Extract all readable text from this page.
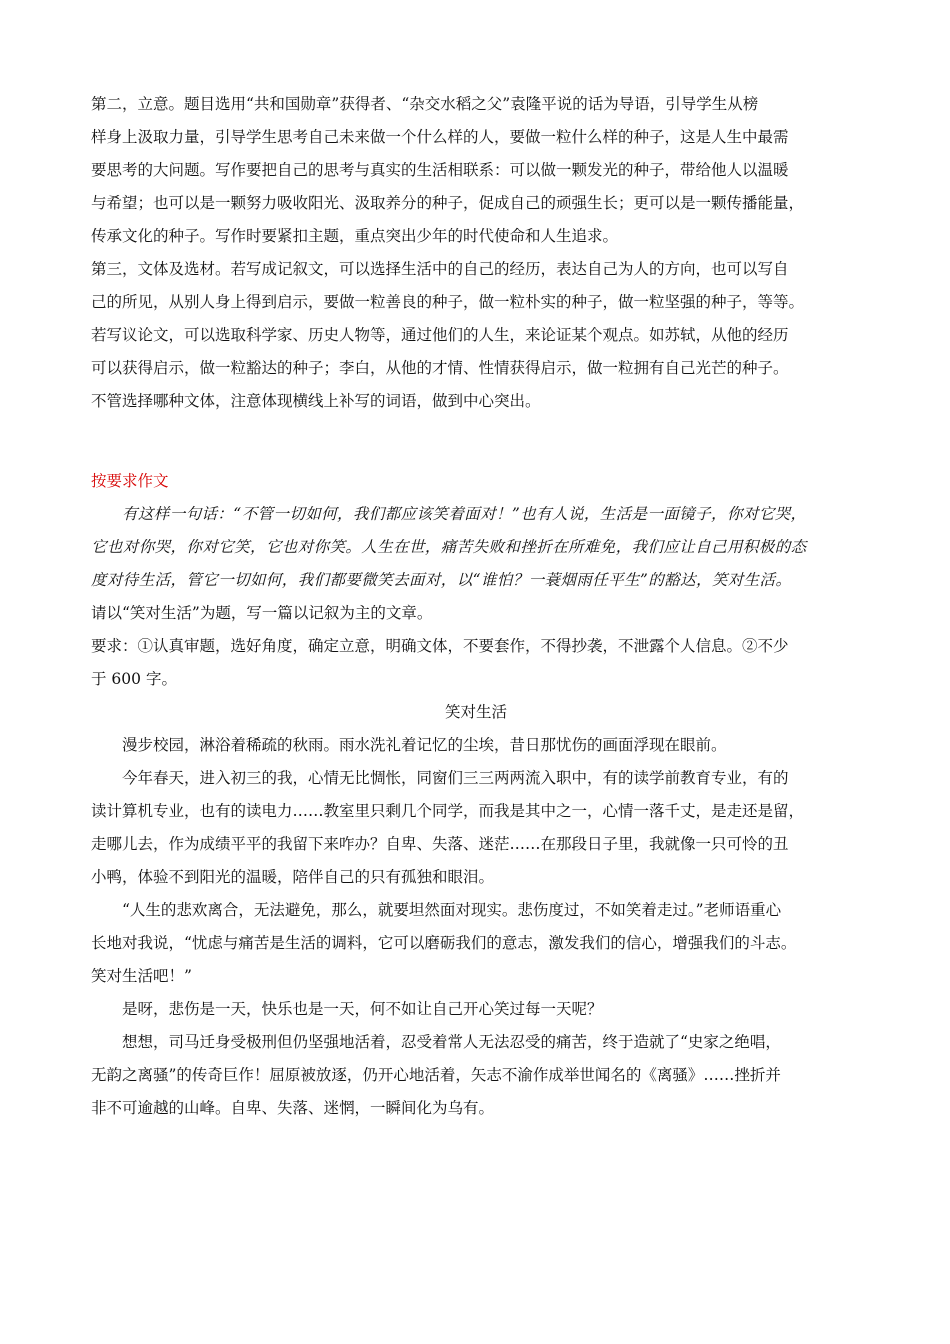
第二，立意。题目选用“共和国勋章”获得者、“杂交水稻之父”袁隆平说的话为导语，引导学生从榜
样身上汲取力量，引导学生思考自己未来做一个什么样的人，要做一粒什么样的种子，这是人生中最需
要思考的大问题。写作要把自己的思考与真实的生活相联系：可以做一颗发光的种子，带给他人以温暖
与希望；也可以是一颗努力吸收阳光、汲取养分的种子，促成自己的顽强生长；更可以是一颗传播能量，
传承文化的种子。写作时要紧扣主题，重点突出少年的时代使命和人生追求。
第三，文体及选材。若写成记叙文，可以选择生活中的自己的经历，表达自己为人的方向，也可以写自
己的所见，从别人身上得到启示，要做一粒善良的种子，做一粒朴实的种子，做一粒坚强的种子，等等。
若写议论文，可以选取科学家、历史人物等，通过他们的人生，来论证某个观点。如苏轼，从他的经历
可以获得启示，做一粒豁达的种子；李白，从他的才情、性情获得启示，做一粒拥有自己光芒的种子。
不管选择哪种文体，注意体现横线上补写的词语，做到中心突出。
按要求作文
有这样一句话：“不管一切如何，我们都应该笑着面对！”也有人说，生活是一面镜子，你对它哭，
它也对你哭，你对它笑，它也对你笑。人生在世，痛苦失败和挫折在所难免，我们应让自己用积极的态
度对待生活，管它一切如何，我们都要微笑去面对，以“谁怕？一蓑烟雨任平生”的豁达，笑对生活。
请以“笑对生活”为题，写一篇以记叙为主的文章。
要求：①认真审题，选好角度，确定立意，明确文体，不要套作，不得抄袭，不泄露个人信息。②不少
于 600 字。
笑对生活
漫步校园，淋浴着稀疏的秋雨。雨水洗礼着记忆的尘埃，昔日那忧伤的画面浮现在眼前。
今年春天，进入初三的我，心情无比惆怅，同窗们三三两两流入职中，有的读学前教育专业，有的
读计算机专业，也有的读电力……教室里只剩几个同学，而我是其中之一，心情一落千丈，是走还是留，
走哪儿去，作为成绩平平的我留下来咋办？自卑、失落、迷茫……在那段日子里，我就像一只可怜的丑
小鸭，体验不到阳光的温暖，陪伴自己的只有孤独和眼泪。
“人生的悲欢离合，无法避免，那么，就要坦然面对现实。悲伤度过，不如笑着走过。”老师语重心
长地对我说，“忧虑与痛苦是生活的调料，它可以磨砺我们的意志，激发我们的信心，增强我们的斗志。
笑对生活吧！”
是呀，悲伤是一天，快乐也是一天，何不如让自己开心笑过每一天呢？
想想，司马迁身受极刑但仍坚强地活着，忍受着常人无法忍受的痛苦，终于造就了“史家之绝唱，
无韵之离骚”的传奇巨作！屈原被放逐，仍开心地活着，矢志不渝作成举世闻名的《离骚》……挫折并
非不可逾越的山峰。自卑、失落、迷惘，一瞬间化为乌有。
